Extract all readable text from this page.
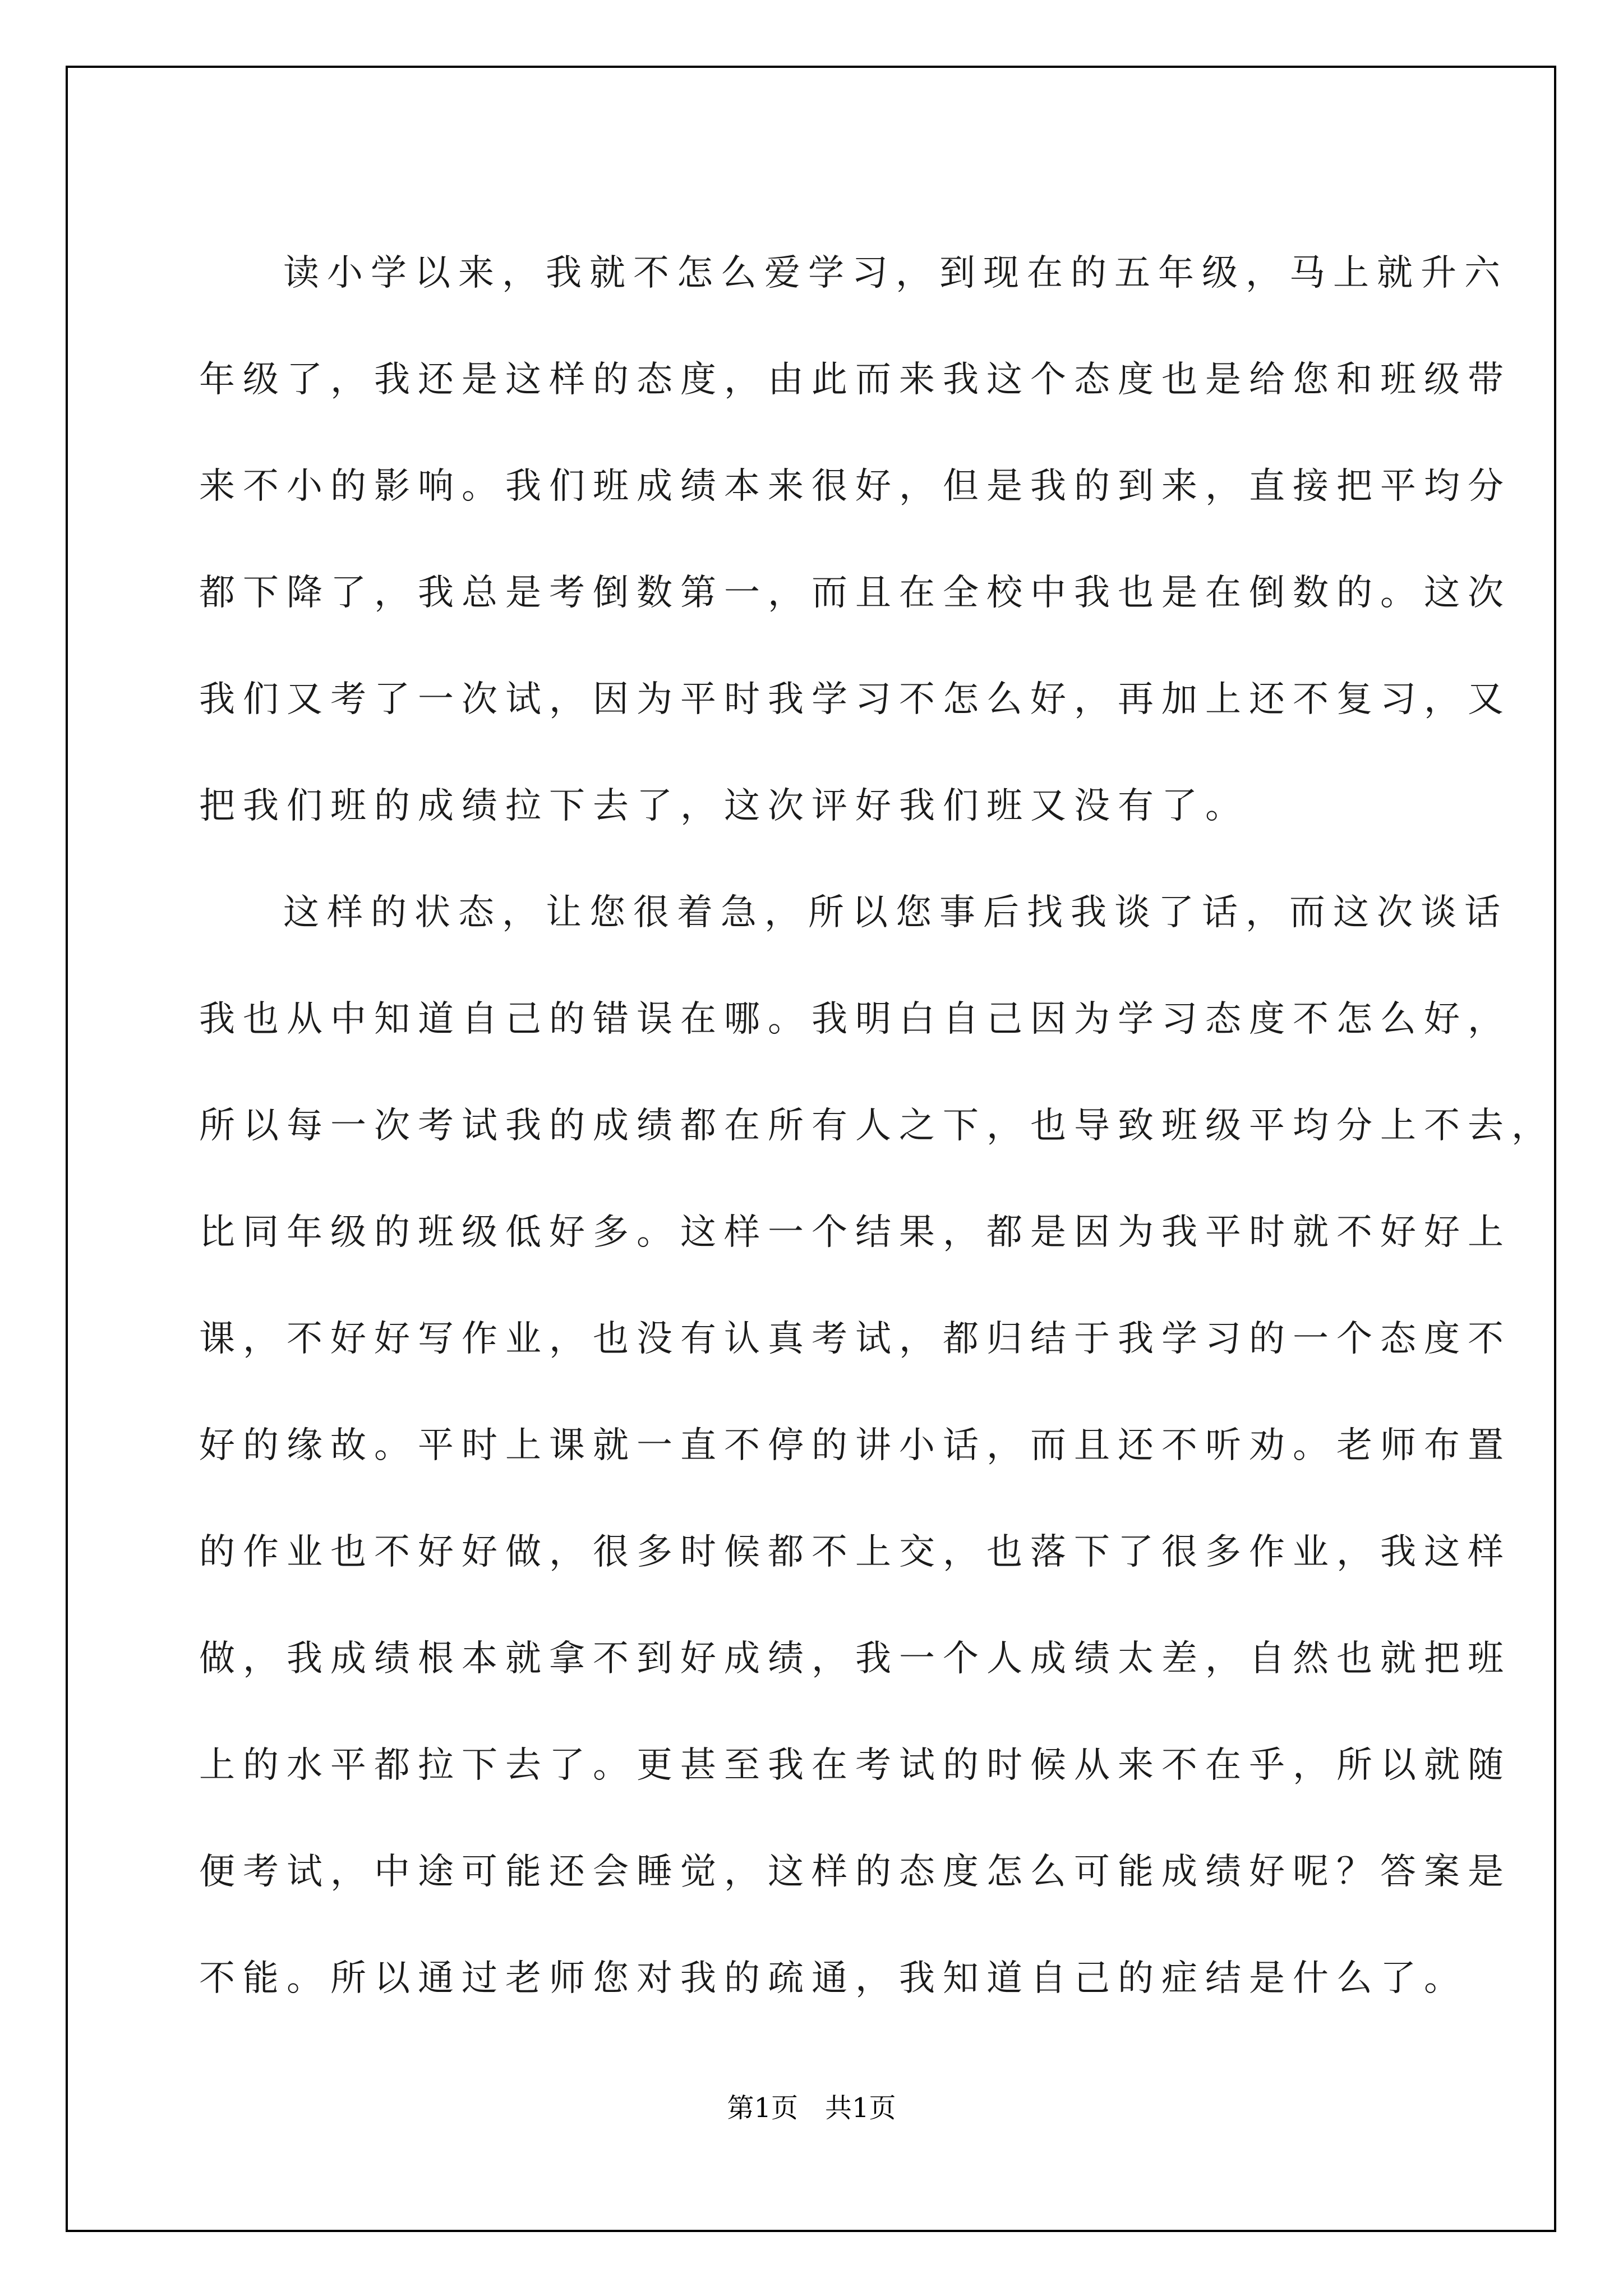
读小学以来，我就不怎么爱学习，到现在的五年级，马上就升六
年级了，我还是这样的态度，由此而来我这个态度也是给您和班级带
来不小的影响。我们班成绩本来很好，但是我的到来，直接把平均分
都下降了，我总是考倒数第一，而且在全校中我也是在倒数的。这次
我们又考了一次试，因为平时我学习不怎么好，再加上还不复习，又
把我们班的成绩拉下去了，这次评好我们班又没有了。
这样的状态，让您很着急，所以您事后找我谈了话，而这次谈话
我也从中知道自己的错误在哪。我明白自己因为学习态度不怎么好，
所以每一次考试我的成绩都在所有人之下，也导致班级平均分上不去，
比同年级的班级低好多。这样一个结果，都是因为我平时就不好好上
课，不好好写作业，也没有认真考试，都归结于我学习的一个态度不
好的缘故。平时上课就一直不停的讲小话，而且还不听劝。老师布置
的作业也不好好做，很多时候都不上交，也落下了很多作业，我这样
做，我成绩根本就拿不到好成绩，我一个人成绩太差，自然也就把班
上的水平都拉下去了。更甚至我在考试的时候从来不在乎，所以就随
便考试，中途可能还会睡觉，这样的态度怎么可能成绩好呢？答案是
不能。所以通过老师您对我的疏通，我知道自己的症结是什么了。
第1页　共1页
